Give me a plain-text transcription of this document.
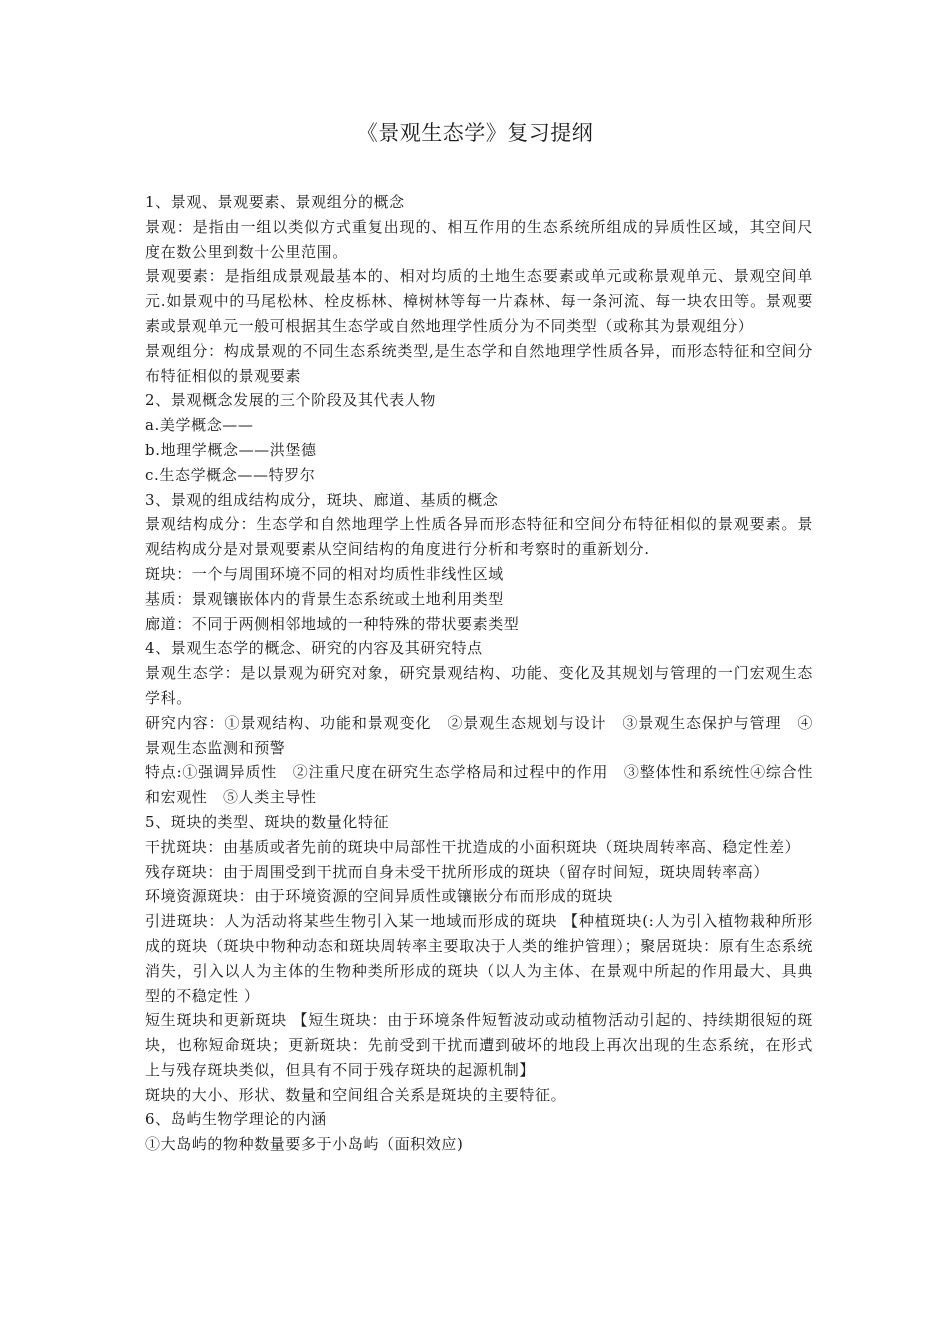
《景观生态学》复习提纲

1、景观、景观要素、景观组分的概念

景观：是指由一组以类似方式重复出现的、相互作用的生态系统所组成的异质性区域，其空间尺度在数公里到数十公里范围。

景观要素：是指组成景观最基本的、相对均质的土地生态要素或单元或称景观单元、景观空间单元.如景观中的马尾松林、栓皮栎林、樟树林等每一片森林、每一条河流、每一块农田等。景观要素或景观单元一般可根据其生态学或自然地理学性质分为不同类型（或称其为景观组分）

景观组分：构成景观的不同生态系统类型,是生态学和自然地理学性质各异，而形态特征和空间分布特征相似的景观要素

2、景观概念发展的三个阶段及其代表人物

a.美学概念——

b.地理学概念——洪堡德

c.生态学概念——特罗尔

3、景观的组成结构成分，斑块、廊道、基质的概念

景观结构成分：生态学和自然地理学上性质各异而形态特征和空间分布特征相似的景观要素。景观结构成分是对景观要素从空间结构的角度进行分析和考察时的重新划分.

斑块：一个与周围环境不同的相对均质性非线性区域

基质：景观镶嵌体内的背景生态系统或土地利用类型

廊道：不同于两侧相邻地域的一种特殊的带状要素类型

4、景观生态学的概念、研究的内容及其研究特点

景观生态学：是以景观为研究对象，研究景观结构、功能、变化及其规划与管理的一门宏观生态学科。

研究内容：①景观结构、功能和景观变化　②景观生态规划与设计　③景观生态保护与管理　④景观生态监测和预警

特点:①强调异质性　②注重尺度在研究生态学格局和过程中的作用　③整体性和系统性④综合性和宏观性　⑤人类主导性

5、斑块的类型、斑块的数量化特征

干扰斑块：由基质或者先前的斑块中局部性干扰造成的小面积斑块（斑块周转率高、稳定性差）

残存斑块：由于周围受到干扰而自身未受干扰所形成的斑块（留存时间短，斑块周转率高）

环境资源斑块：由于环境资源的空间异质性或镶嵌分布而形成的斑块

引进斑块：人为活动将某些生物引入某一地域而形成的斑块 【种植斑块(:人为引入植物栽种所形成的斑块（斑块中物种动态和斑块周转率主要取决于人类的维护管理）；聚居斑块：原有生态系统消失，引入以人为主体的生物种类所形成的斑块（以人为主体、在景观中所起的作用最大、具典型的不稳定性 ）

短生斑块和更新斑块 【短生斑块：由于环境条件短暂波动或动植物活动引起的、持续期很短的斑块，也称短命斑块；更新斑块：先前受到干扰而遭到破坏的地段上再次出现的生态系统，在形式上与残存斑块类似，但具有不同于残存斑块的起源机制】

斑块的大小、形状、数量和空间组合关系是斑块的主要特征。

6、岛屿生物学理论的内涵

①大岛屿的物种数量要多于小岛屿（面积效应)
